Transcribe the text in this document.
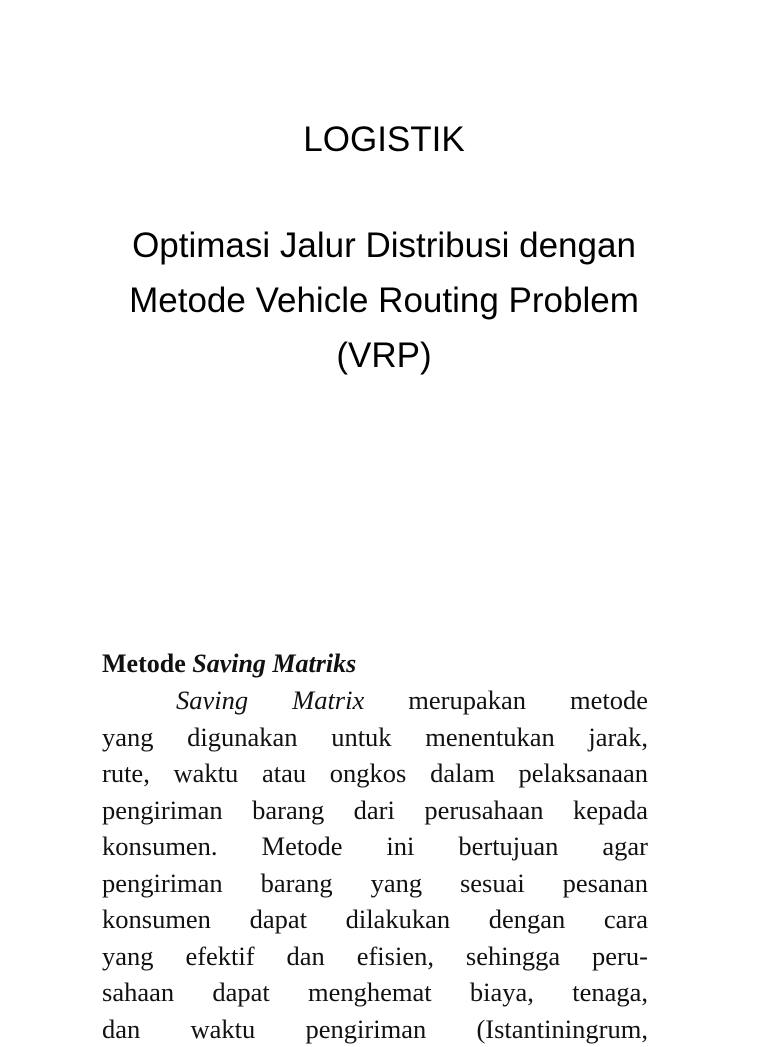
LOGISTIK
Optimasi Jalur Distribusi dengan
Metode Vehicle Routing Problem
(VRP)
Metode Saving Matriks
Saving Matrix merupakan metode
yang digunakan untuk menentukan jarak,
rute, waktu atau ongkos dalam pelaksanaan
pengiriman barang dari perusahaan kepada
konsumen. Metode ini bertujuan agar
pengiriman barang yang sesuai pesanan
konsumen dapat dilakukan dengan cara
yang efektif dan efisien, sehingga peru-
sahaan dapat menghemat biaya, tenaga,
dan waktu pengiriman (Istantiningrum,
